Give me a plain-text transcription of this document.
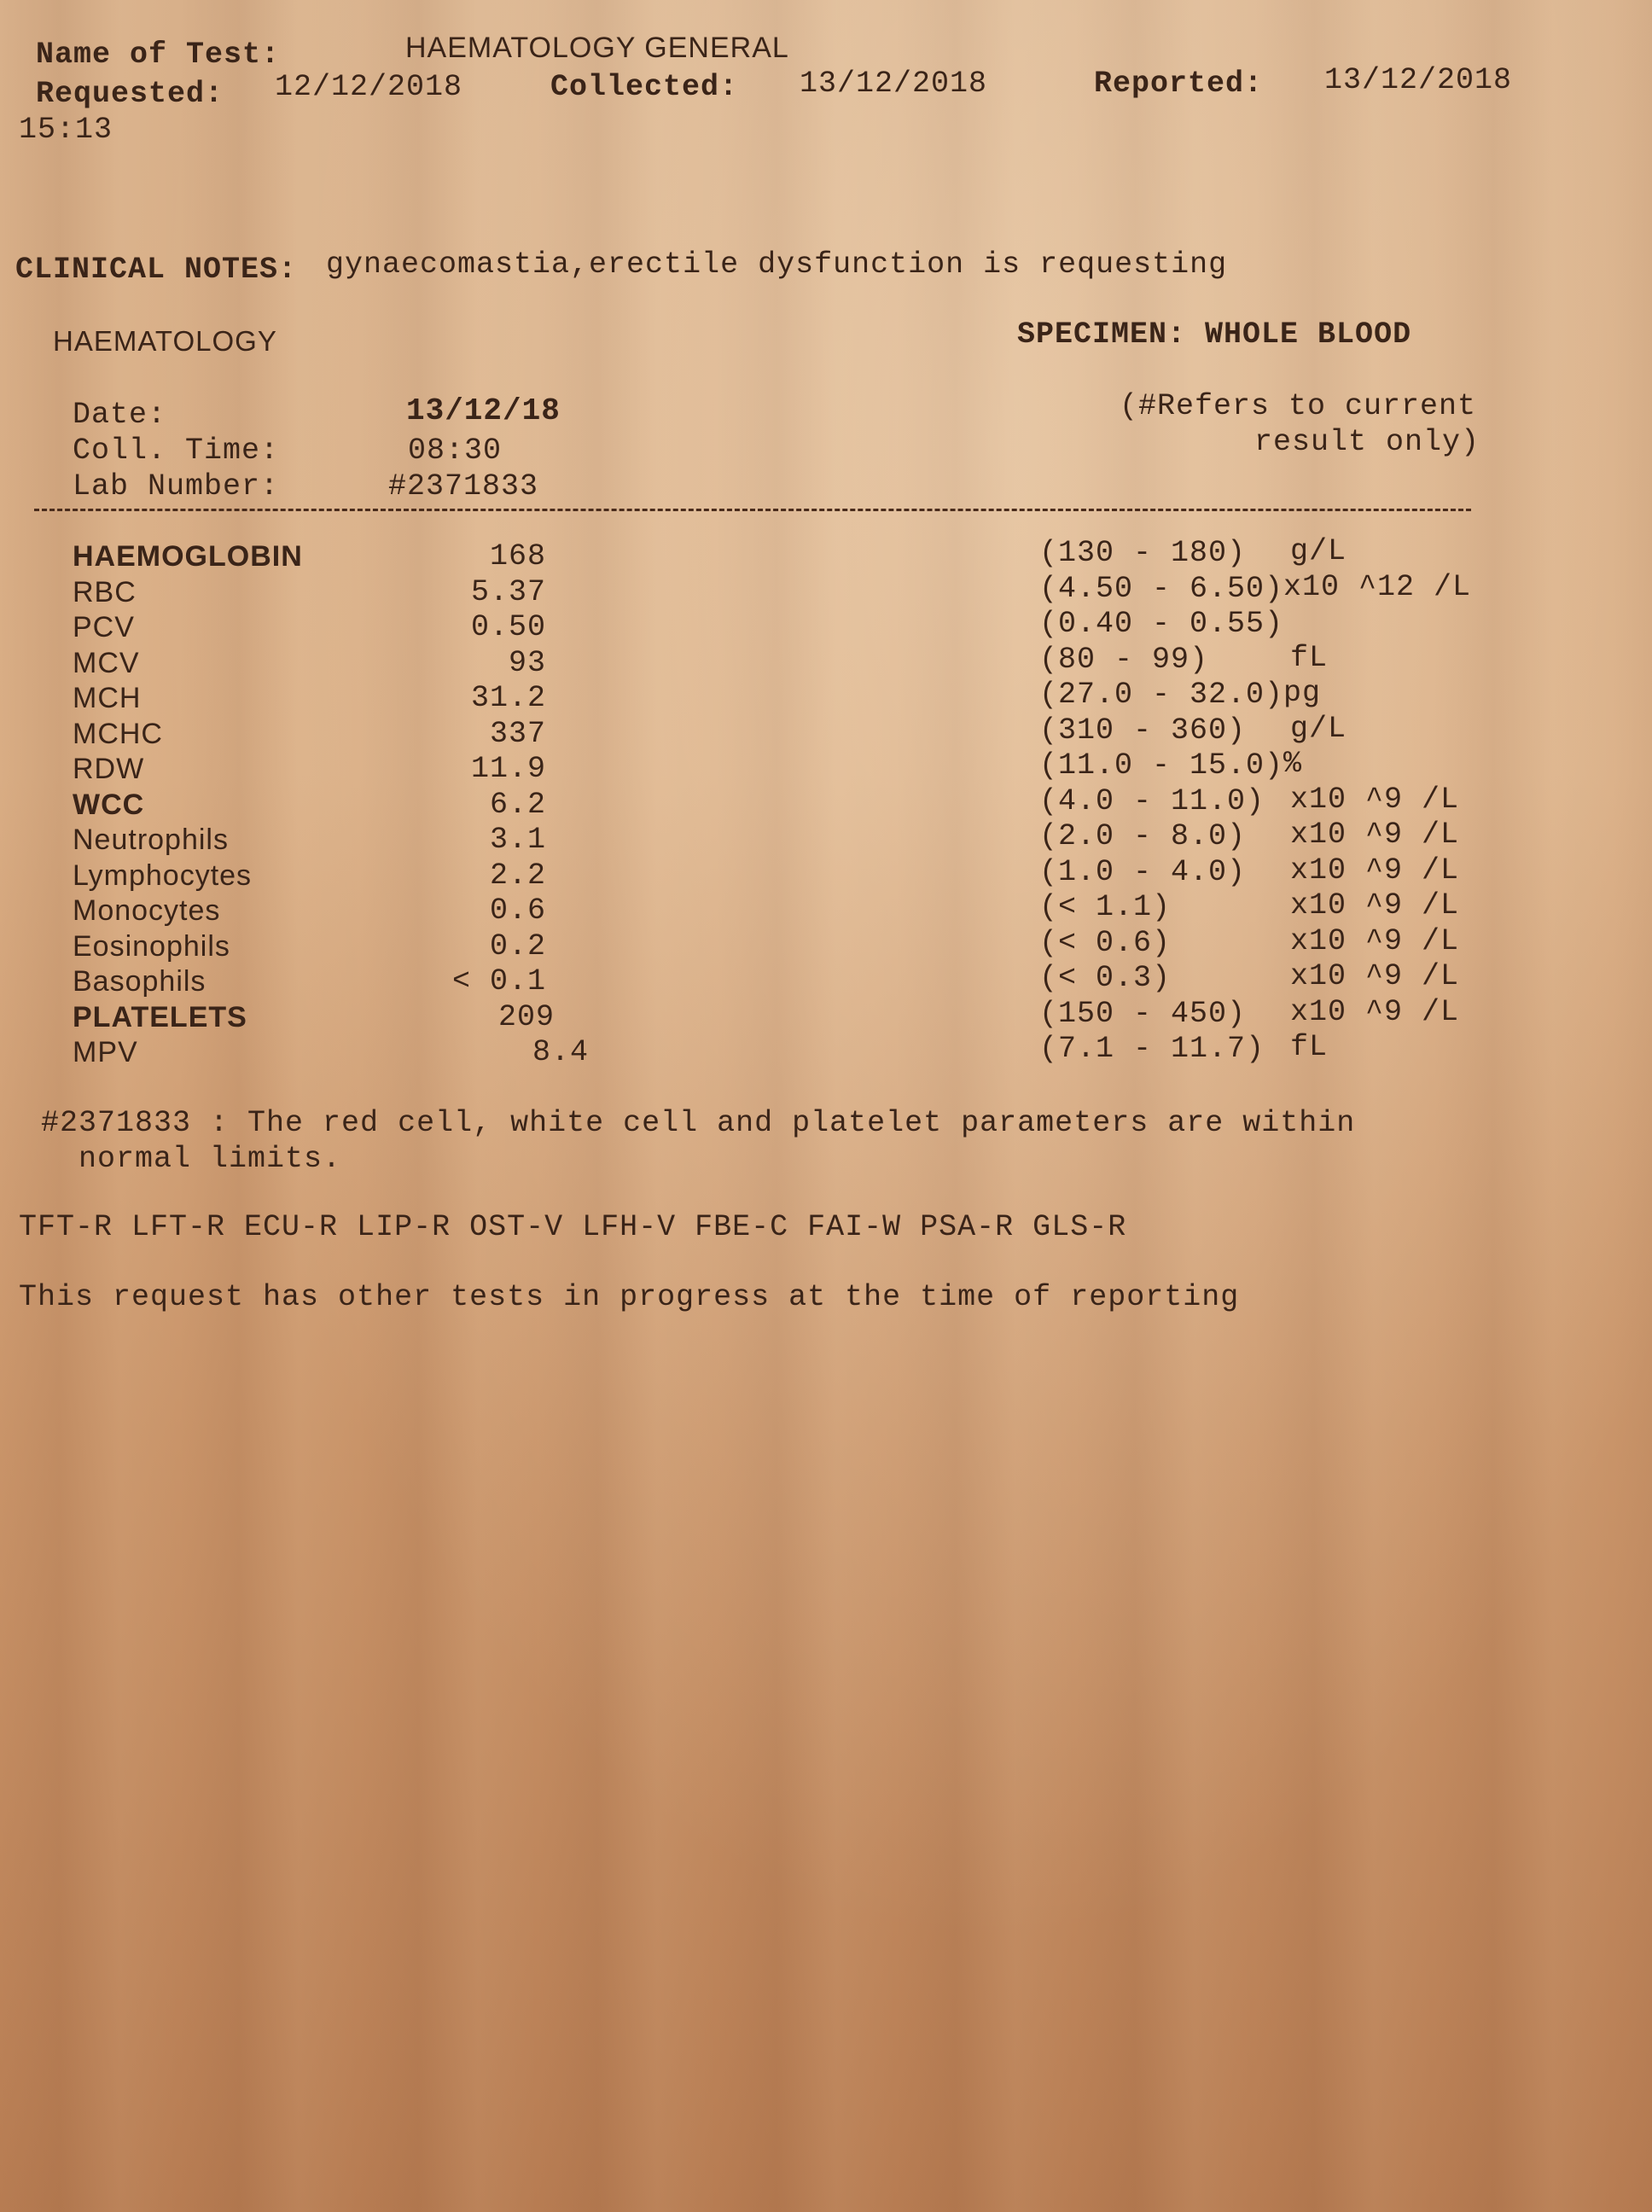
Name of Test:	HAEMATOLOGY GENERAL
Requested: 12/12/2018	Collected: 13/12/2018	Reported: 13/12/2018
15:13
CLINICAL NOTES: gynaecomastia,erectile dysfunction is requesting
HAEMATOLOGY	SPECIMEN: WHOLE BLOOD
Date:	13/12/18
Coll. Time:	08:30
Lab Number:	#2371833
(#Refers to current
result only)
HAEMOGLOBIN	168	(130 - 180) g/L
RBC	5.37	(4.50 - 6.50) x10 ^12 /L
PCV	0.50	(0.40 - 0.55)
MCV	93	(80 - 99)	fL
MCH	31.2	(27.0 - 32.0) pg
MCHC	337	(310 - 360) g/L
RDW	11.9	(11.0 - 15.0) %
WCC	6.2	(4.0 - 11.0) x10 ^9 /L
Neutrophils	3.1	(2.0 - 8.0) x10 ^9 /L
Lymphocytes	2.2	(1.0 - 4.0) x10 ^9 /L
Monocytes	0.6	(< 1.1)	x10 ^9 /L
Eosinophils	0.2	(< 0.6)	x10 ^9 /L
Basophils	< 0.1	(< 0.3)	x10 ^9 /L
PLATELETS	209	(150 - 450) x10 ^9 /L
MPV	8.4	(7.1 - 11.7) fL
#2371833 : The red cell, white cell and platelet parameters are within
normal limits.
TFT-R LFT-R ECU-R LIP-R OST-V LFH-V FBE-C FAI-W PSA-R GLS-R
This request has other tests in progress at the time of reporting
